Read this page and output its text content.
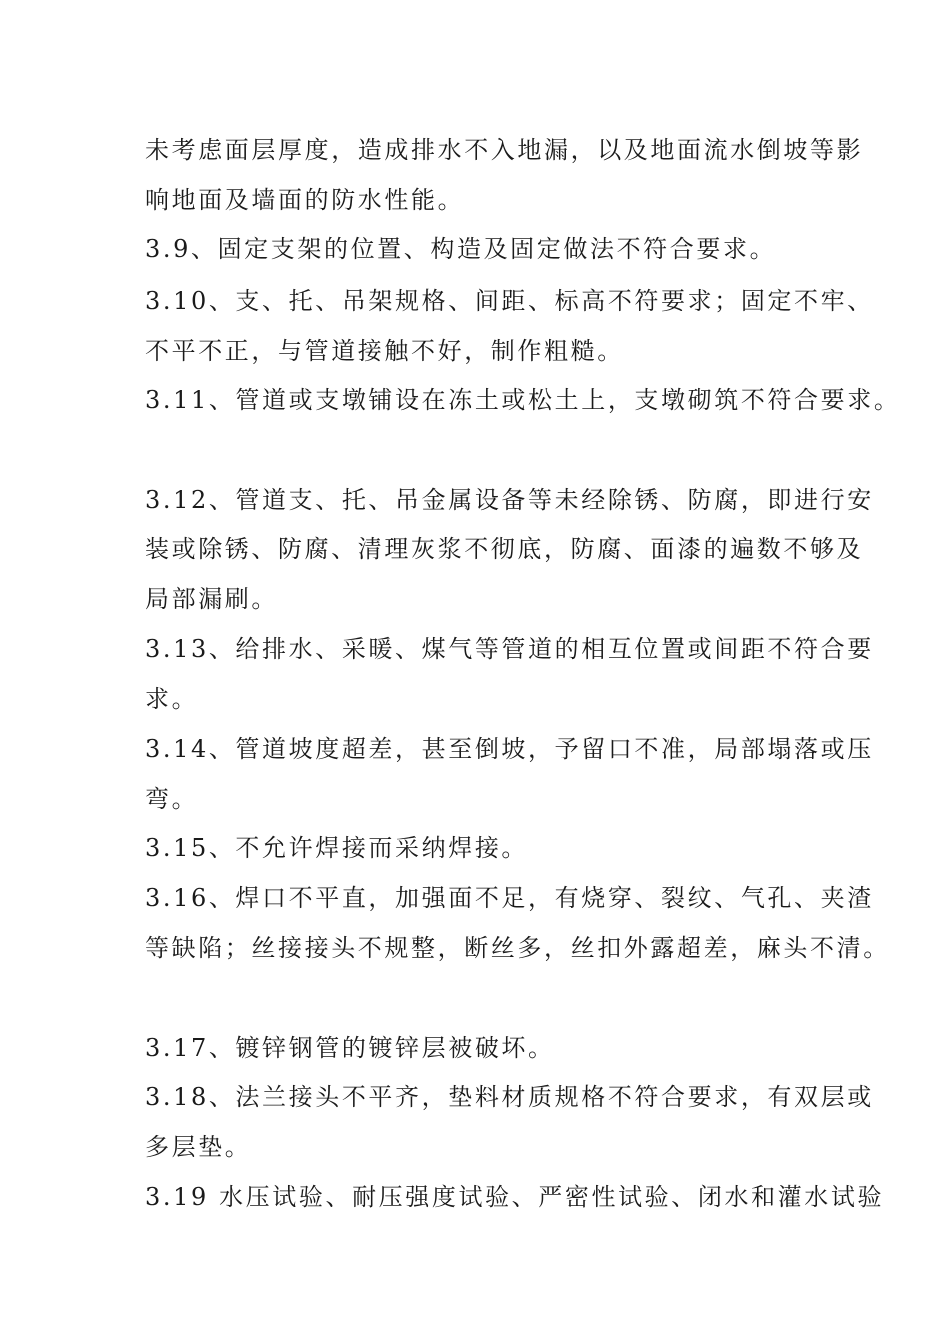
未考虑面层厚度，造成排水不入地漏，以及地面流水倒坡等影
响地面及墙面的防水性能。
3.9、固定支架的位置、构造及固定做法不符合要求。
3.10、支、托、吊架规格、间距、标高不符要求；固定不牢、
不平不正，与管道接触不好，制作粗糙。
3.11、管道或支墩铺设在冻土或松土上，支墩砌筑不符合要求。
3.12、管道支、托、吊金属设备等未经除锈、防腐，即进行安
装或除锈、防腐、清理灰浆不彻底，防腐、面漆的遍数不够及
局部漏刷。
3.13、给排水、采暖、煤气等管道的相互位置或间距不符合要
求。
3.14、管道坡度超差，甚至倒坡，予留口不准，局部塌落或压
弯。
3.15、不允许焊接而采纳焊接。
3.16、焊口不平直，加强面不足，有烧穿、裂纹、气孔、夹渣
等缺陷；丝接接头不规整，断丝多，丝扣外露超差，麻头不清。
3.17、镀锌钢管的镀锌层被破坏。
3.18、法兰接头不平齐，垫料材质规格不符合要求，有双层或
多层垫。
3.19 水压试验、耐压强度试验、严密性试验、闭水和灌水试验
